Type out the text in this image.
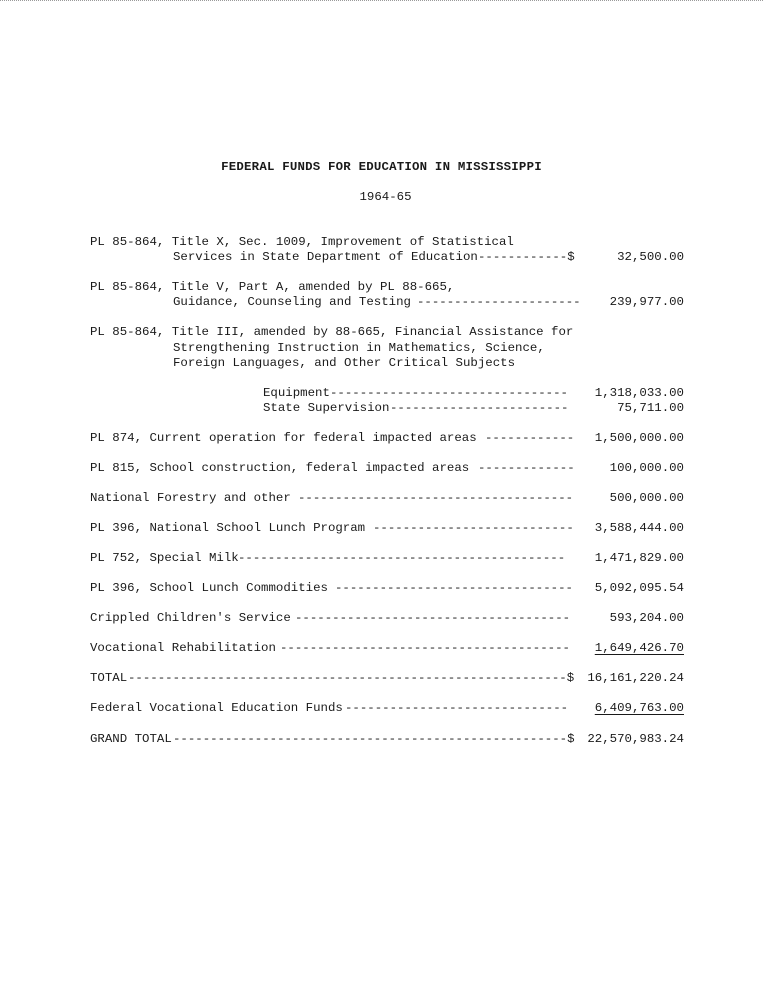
FEDERAL FUNDS FOR EDUCATION IN MISSISSIPPI
1964-65
PL 85-864, Title X, Sec. 1009, Improvement of Statistical
Services in State Department of Education ------------$	32,500.00
PL 85-864, Title V, Part A, amended by PL 88-665,
Guidance, Counseling and Testing ---------------------- 239,977.00
PL 85-864, Title III, amended by 88-665, Financial Assistance for
Strengthening Instruction in Mathematics, Science,
Foreign Languages, and Other Critical Subjects
Equipment -------------------------------- 1,318,033.00
State Supervision ------------------------	75,711.00
PL 874, Current operation for federal impacted areas ------------ 1,500,000.00
PL 815, School construction, federal impacted areas -------------	100,000.00
National Forestry and other -------------------------------------	500,000.00
PL 396, National School Lunch Program --------------------------- 3,588,444.00
PL 752, Special Milk -------------------------------------------- 1,471,829.00
PL 396, School Lunch Commodities -------------------------------- 5,092,095.54
Crippled Children's Service -------------------------------------	593,204.00
Vocational Rehabilitation --------------------------------------- 1,649,426.70
TOTAL -----------------------------------------------------------$ 16,161,220.24
Federal Vocational Education Funds ------------------------------ 6,409,763.00
GRAND TOTAL -----------------------------------------------------$ 22,570,983.24
